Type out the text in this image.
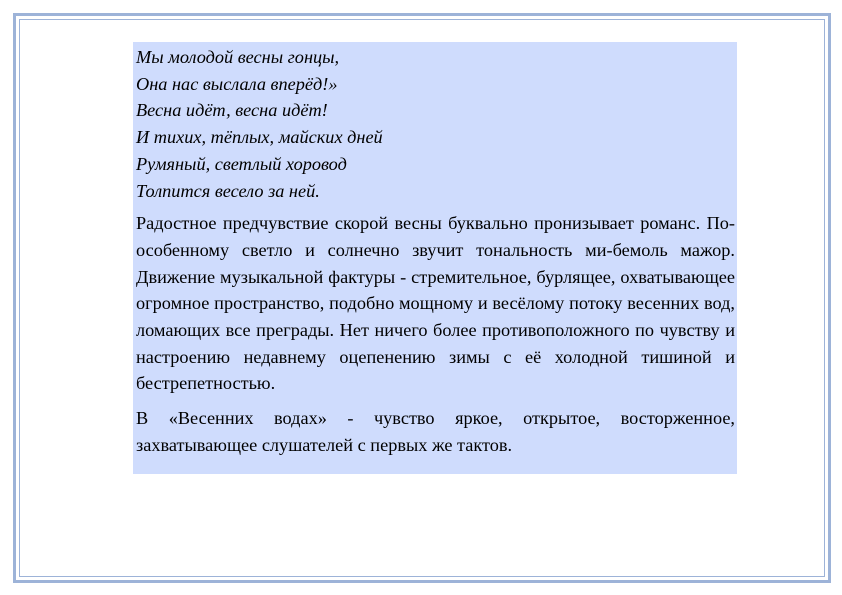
Мы молодой весны гонцы,
Она нас выслала вперёд!»
Весна идёт, весна идёт!
И тихих, тёплых, майских дней
Румяный, светлый хоровод
Толпится весело за ней.

Радостное предчувствие скорой весны буквально пронизывает романс. По-особенному светло и солнечно звучит тональность ми-бемоль мажор. Движение музыкальной фактуры - стремительное, бурлящее, охватывающее огромное пространство, подобно мощному и весёлому потоку весенних вод, ломающих все преграды. Нет ничего более противоположного по чувству и настроению недавнему оцепенению зимы с её холодной тишиной и бестрепетностью.

В «Весенних водах» - чувство яркое, открытое, восторженное, захватывающее слушателей с первых же тактов.
